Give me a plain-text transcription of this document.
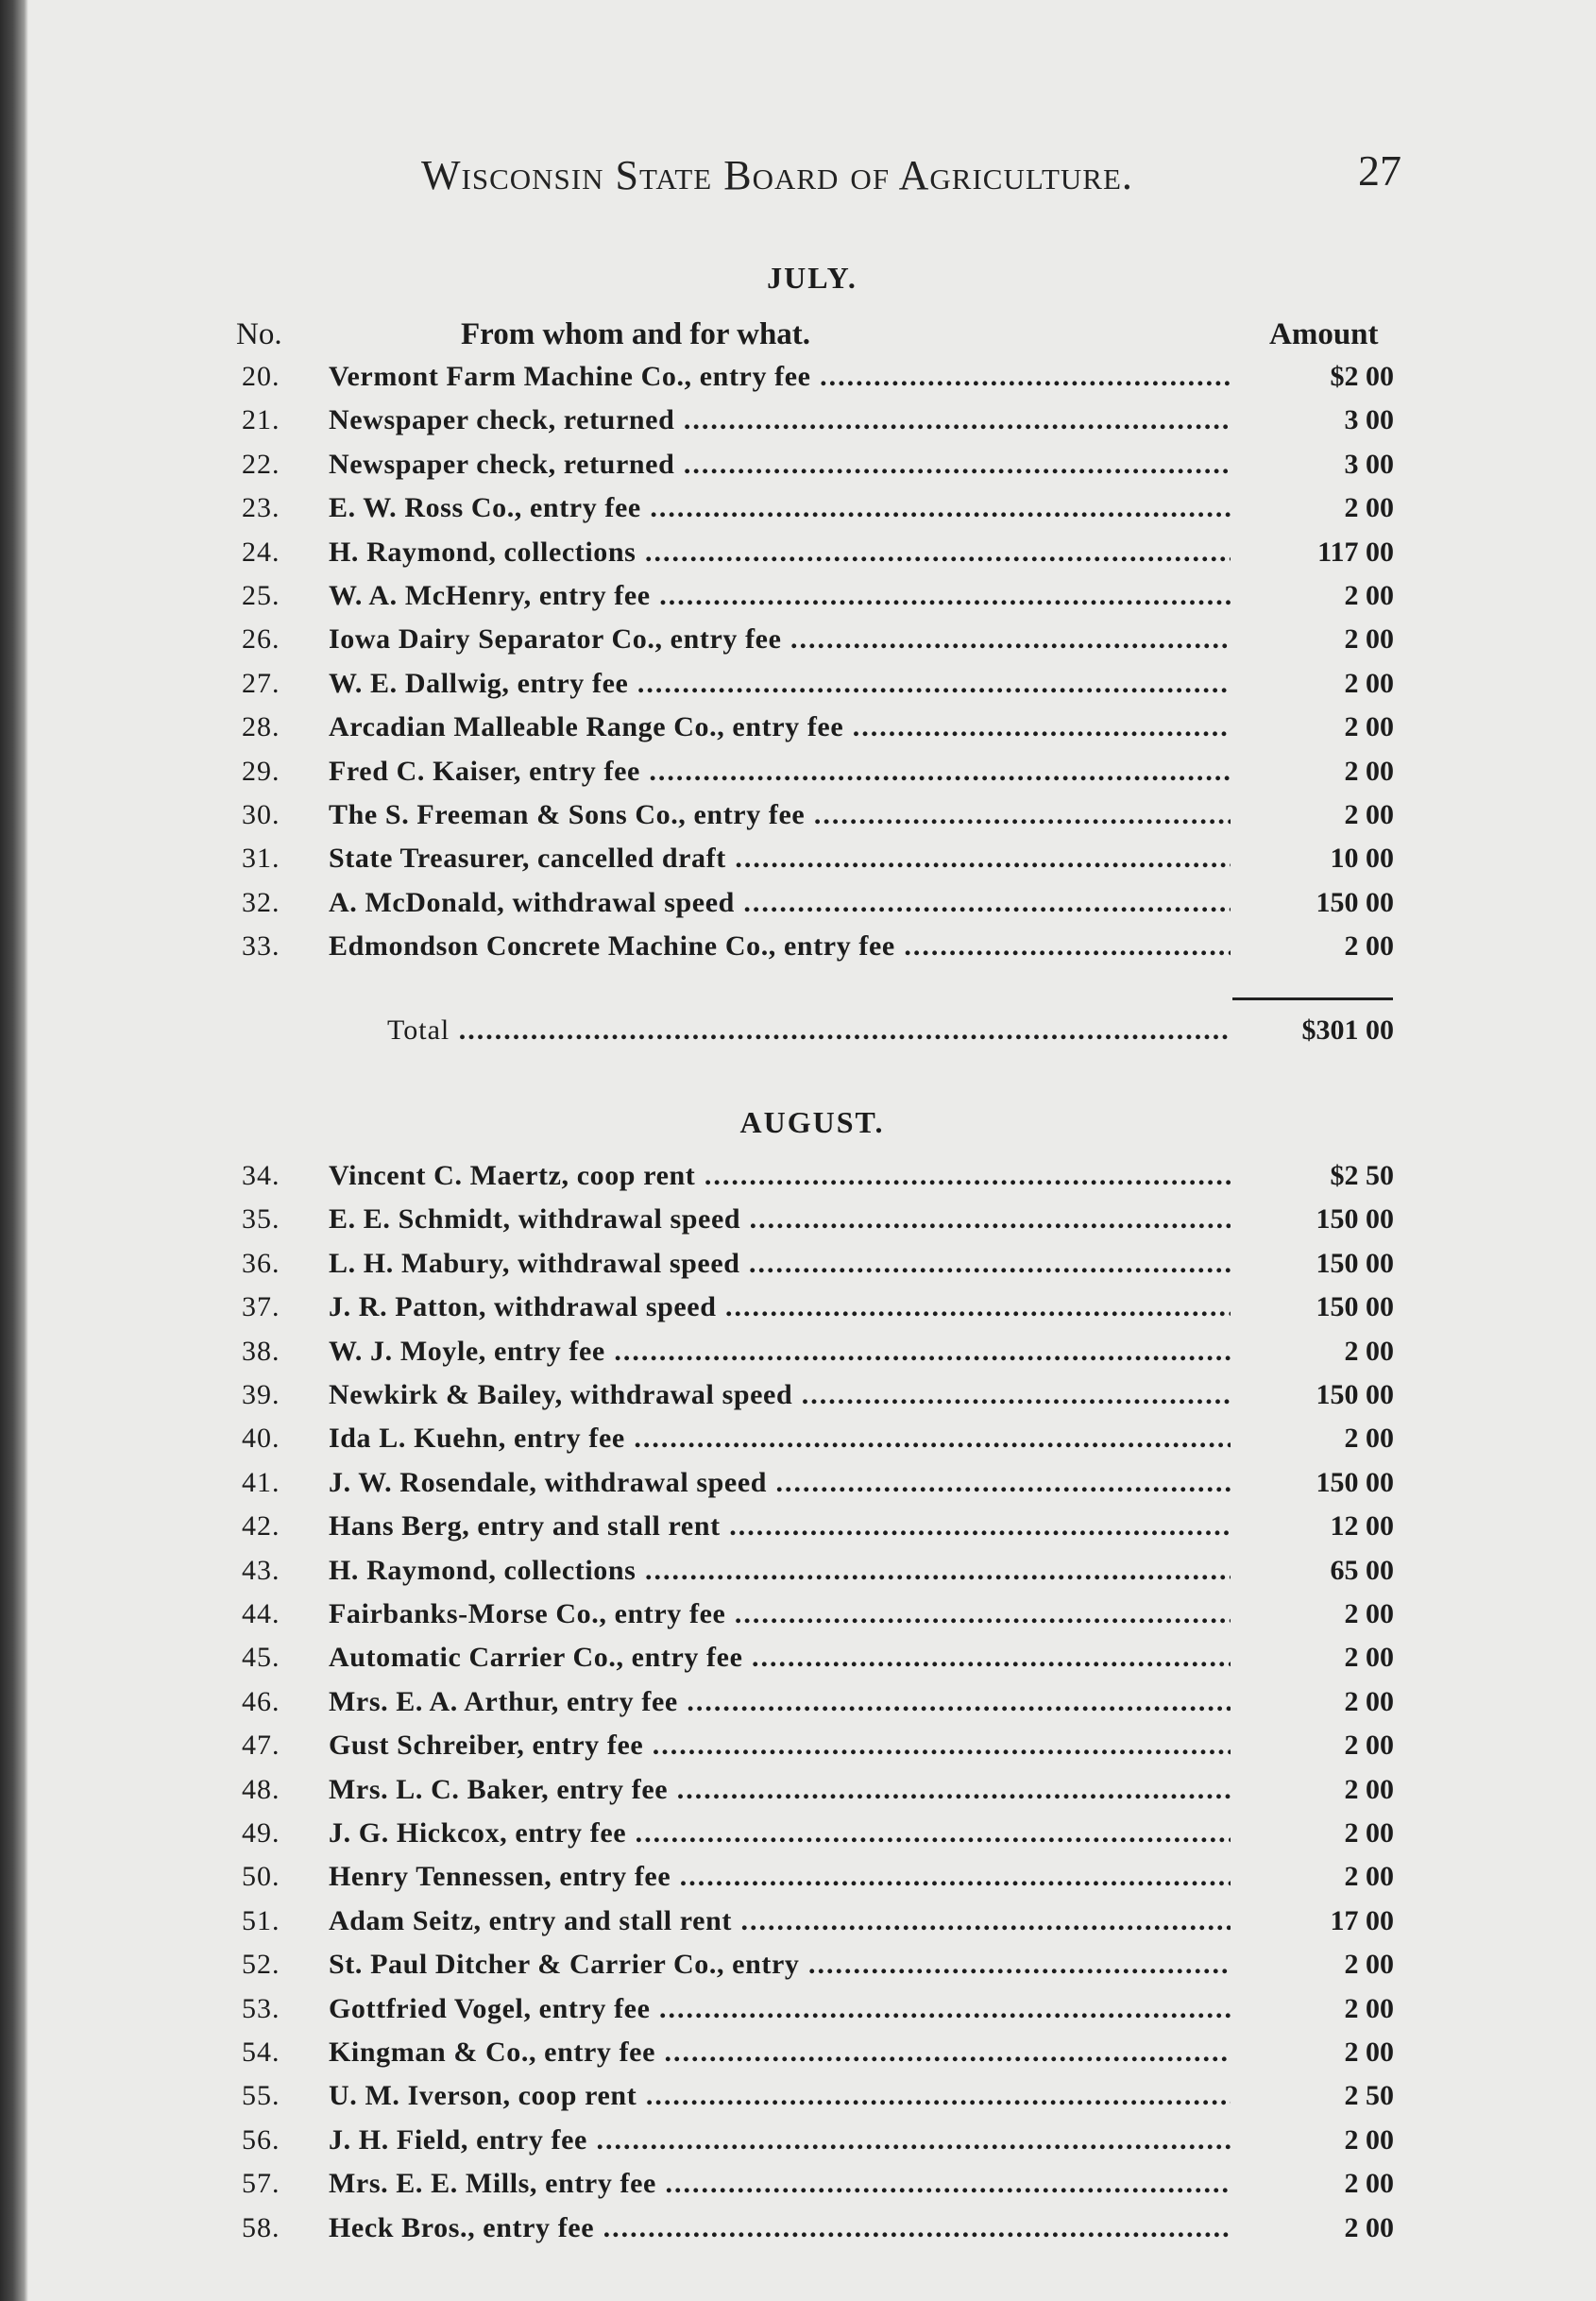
Wisconsin State Board of Agriculture.	27
JULY.
No.	From whom and for what.	Amount
20.	Vermont Farm Machine Co., entry fee .....	$2 00
21.	Newspaper check, returned .....	3 00
22.	Newspaper check, returned .....	3 00
23.	E. W. Ross Co., entry fee .....	2 00
24.	H. Raymond, collections .....	117 00
25.	W. A. McHenry, entry fee .....	2 00
26.	Iowa Dairy Separator Co., entry fee .....	2 00
27.	W. E. Dallwig, entry fee .....	2 00
28.	Arcadian Malleable Range Co., entry fee .....	2 00
29.	Fred C. Kaiser, entry fee .....	2 00
30.	The S. Freeman & Sons Co., entry fee .....	2 00
31.	State Treasurer, cancelled draft .....	10 00
32.	A. McDonald, withdrawal speed .....	150 00
33.	Edmondson Concrete Machine Co., entry fee .....	2 00
Total .....	$301 00
AUGUST.
34.	Vincent C. Maertz, coop rent .....	$2 50
35.	E. E. Schmidt, withdrawal speed .....	150 00
36.	L. H. Mabury, withdrawal speed .....	150 00
37.	J. R. Patton, withdrawal speed .....	150 00
38.	W. J. Moyle, entry fee .....	2 00
39.	Newkirk & Bailey, withdrawal speed .....	150 00
40.	Ida L. Kuehn, entry fee .....	2 00
41.	J. W. Rosendale, withdrawal speed .....	150 00
42.	Hans Berg, entry and stall rent .....	12 00
43.	H. Raymond, collections .....	65 00
44.	Fairbanks-Morse Co., entry fee .....	2 00
45.	Automatic Carrier Co., entry fee .....	2 00
46.	Mrs. E. A. Arthur, entry fee .....	2 00
47.	Gust Schreiber, entry fee .....	2 00
48.	Mrs. L. C. Baker, entry fee .....	2 00
49.	J. G. Hickcox, entry fee .....	2 00
50.	Henry Tennessen, entry fee .....	2 00
51.	Adam Seitz, entry and stall rent .....	17 00
52.	St. Paul Ditcher & Carrier Co., entry .....	2 00
53.	Gottfried Vogel, entry fee .....	2 00
54.	Kingman & Co., entry fee .....	2 00
55.	U. M. Iverson, coop rent .....	2 50
56.	J. H. Field, entry fee .....	2 00
57.	Mrs. E. E. Mills, entry fee .....	2 00
58.	Heck Bros., entry fee .....	2 00
